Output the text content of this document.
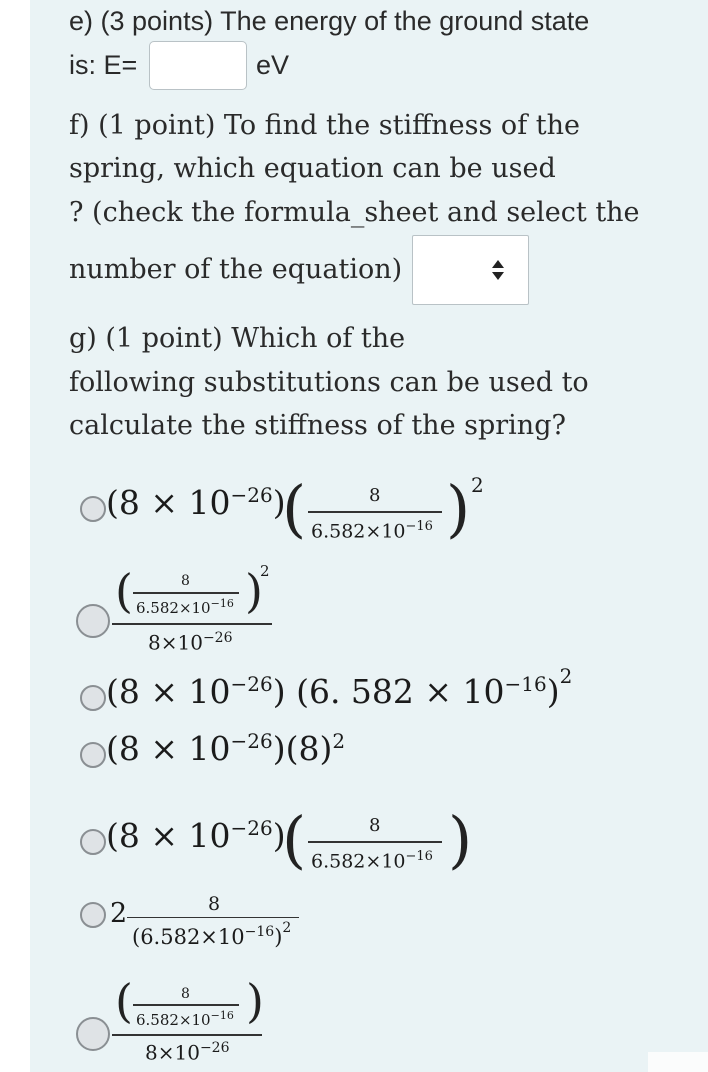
e) (3 points) The energy of the ground state
is: E=	eV
f) (1 point) To find the stiffness of the
spring, which equation can be used
? (check the formula_sheet and select the
number of the equation)
g) (1 point) Which of the
following substitutions can be used to
calculate the stiffness of the spring?
$(8 \times 10^{-26})$
(	8
$6.582\times 10^{-16}$ ) 2
(	8
$6.582\times 10^{-16}$ )
2
$8\times 10^{-26}$
$(8 \times 10^{-26})$ (6. $582 \times 10^{-16})^2$
$(8 \times 10^{-26})(8)^2$
$(8 \times 10^{-26})$
(	8
$6.582\times 10^{-16}$ )
2	8
$(6.582\times 10^{-16})^2$
(	8
$6.582\times 10^{-16}$ )
$8\times 10^{-26}$
